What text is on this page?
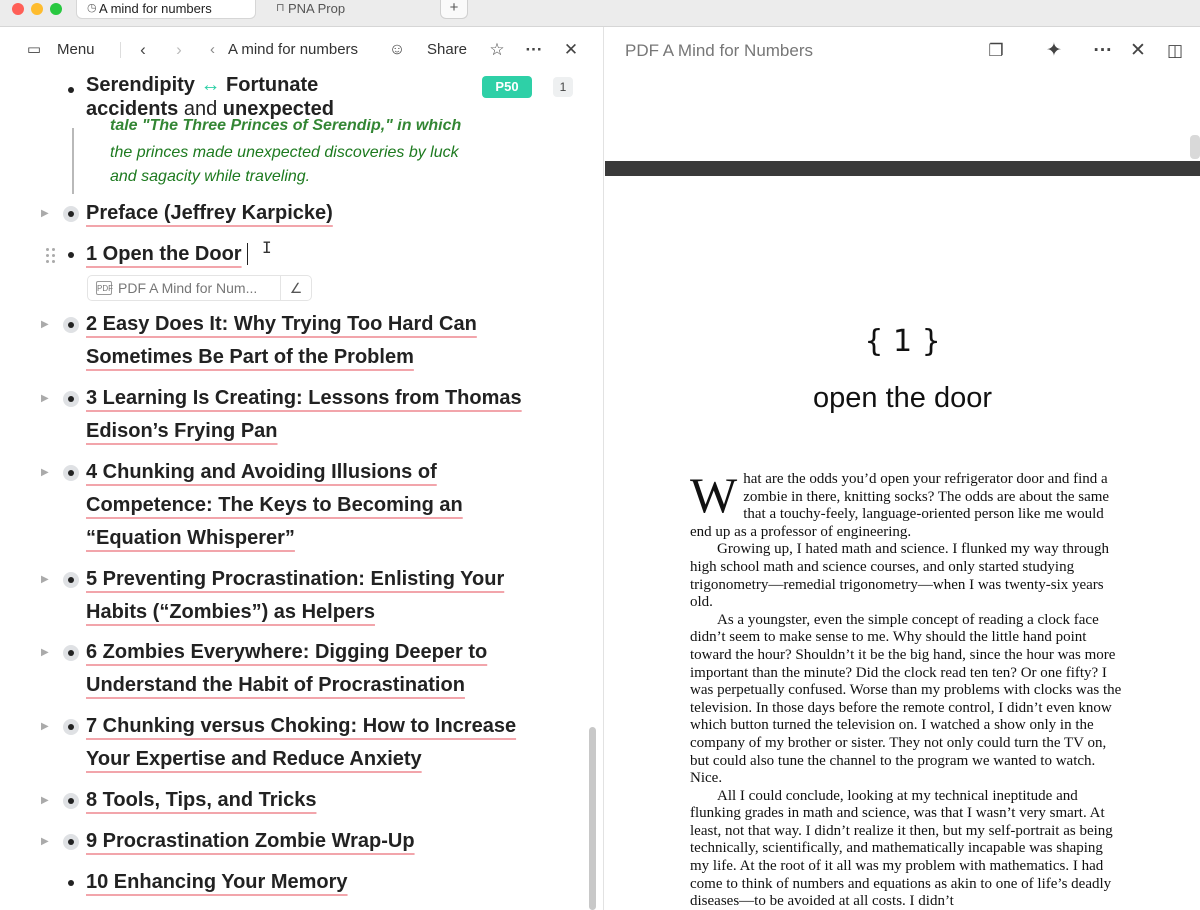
◷ A mind for numbers	⊓ PNA Prop	+
▭ Menu	‹	›	‹ A mind for numbers ☺ Share ☆ ··· ✕
P50	1
Serendipity ↔ Fortunate
accidents and unexpected
tale "The Three Princes of Serendip," in which
the princes made unexpected discoveries by luck
and sagacity while traveling.
▶ Preface (Jeffrey Karpicke)
1 Open the Door I
PDF PDF A Mind for Num... ∠
▶ 2 Easy Does It: Why Trying Too Hard Can
Sometimes Be Part of the Problem
▶ 3 Learning Is Creating: Lessons from Thomas
Edison’s Frying Pan
▶ 4 Chunking and Avoiding Illusions of
Competence: The Keys to Becoming an
“Equation Whisperer”
▶ 5 Preventing Procrastination: Enlisting Your
Habits (“Zombies”) as Helpers
▶ 6 Zombies Everywhere: Digging Deeper to
Understand the Habit of Procrastination
▶ 7 Chunking versus Choking: How to Increase
Your Expertise and Reduce Anxiety
▶ 8 Tools, Tips, and Tricks
▶ 9 Procrastination Zombie Wrap-Up
10 Enhancing Your Memory
PDF A Mind for Numbers	❐ ✦ ··· ✕ ◫
{ 1 }
open the door

What are the odds you’d open your refrigerator door and find a zombie in there, knitting socks? The odds are about the same that a touchy-feely, language-oriented person like me would end up as a professor of engineering.

Growing up, I hated math and science. I flunked my way through high school math and science courses, and only started studying trigonometry—remedial trigonometry—when I was twenty-six years old.

As a youngster, even the simple concept of reading a clock face didn’t seem to make sense to me. Why should the little hand point toward the hour? Shouldn’t it be the big hand, since the hour was more important than the minute? Did the clock read ten ten? Or one fifty? I was perpetually confused. Worse than my problems with clocks was the television. In those days before the remote control, I didn’t even know which button turned the television on. I watched a show only in the company of my brother or sister. They not only could turn the TV on, but could also tune the channel to the program we wanted to watch. Nice.

All I could conclude, looking at my technical ineptitude and flunking grades in math and science, was that I wasn’t very smart. At least, not that way. I didn’t realize it then, but my self-portrait as being technically, scientifically, and mathematically incapable was shaping my life. At the root of it all was my problem with mathematics. I had come to think of numbers and equations as akin to one of life’s deadly diseases—to be avoided at all costs. I didn’t
